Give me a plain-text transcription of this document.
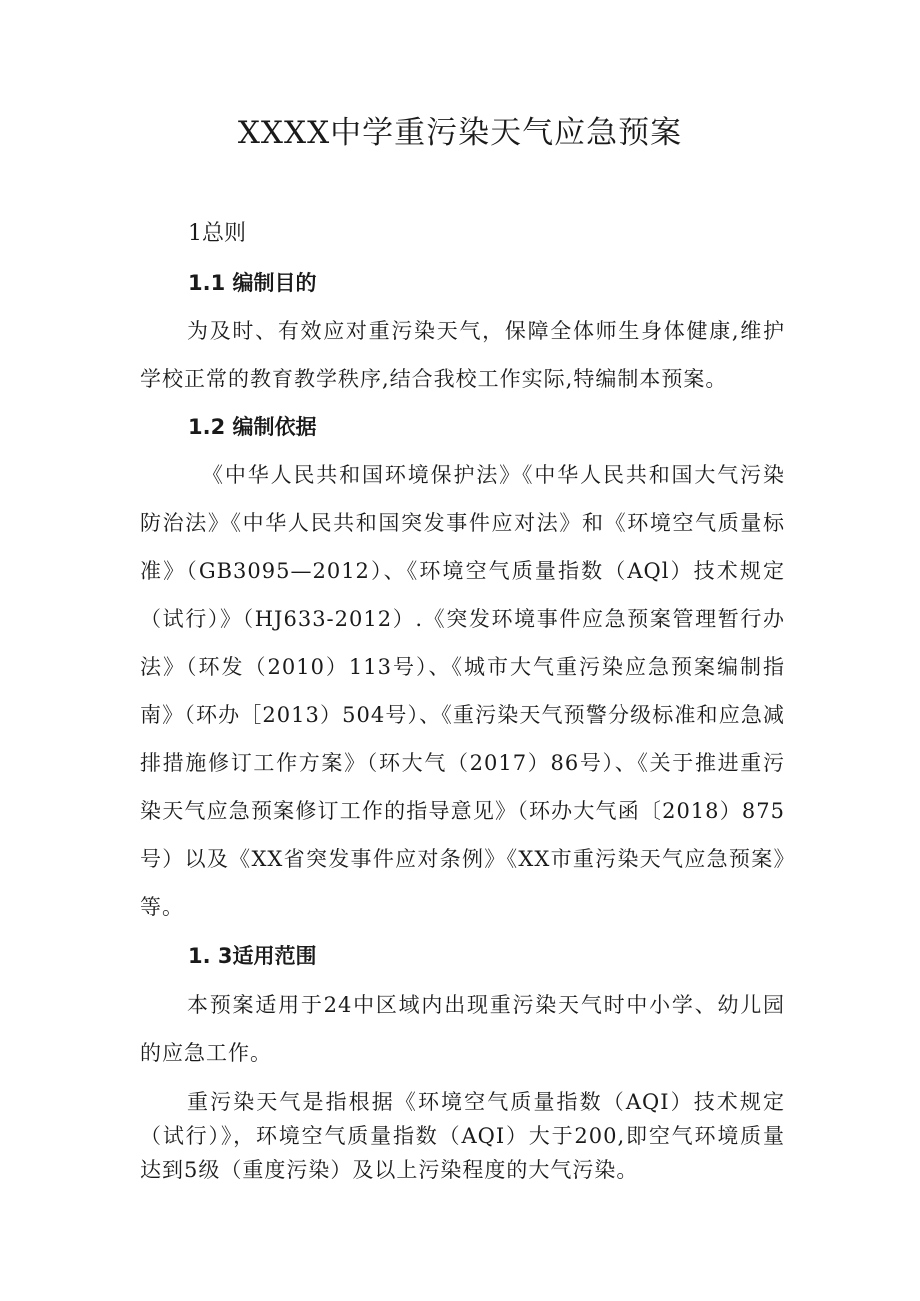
XXXX中学重污染天气应急预案
1总则
1.1 编制目的

为及时、有效应对重污染天气，保障全体师生身体健康,维护学校正常的教育教学秩序,结合我校工作实际,特编制本预案。

1.2 编制依据

《中华人民共和国环境保护法》《中华人民共和国大气污染防治法》《中华人民共和国突发事件应对法》和《环境空气质量标准》（GB3095—2012）、《环境空气质量指数（AQl）技术规定（试行）》（HJ633-2012）.《突发环境事件应急预案管理暂行办法》（环发（2010）113号）、《城市大气重污染应急预案编制指南》（环办［2013）504号）、《重污染天气预警分级标准和应急减排措施修订工作方案》（环大气（2017）86号）、《关于推进重污染天气应急预案修订工作的指导意见》（环办大气函〔2018）875号）以及《XX省突发事件应对条例》《XX市重污染天气应急预案》等。

1. 3适用范围

本预案适用于24中区域内出现重污染天气时中小学、幼儿园的应急工作。

重污染天气是指根据《环境空气质量指数（AQI）技术规定（试行）》，环境空气质量指数（AQI）大于200,即空气环境质量达到5级（重度污染）及以上污染程度的大气污染。
